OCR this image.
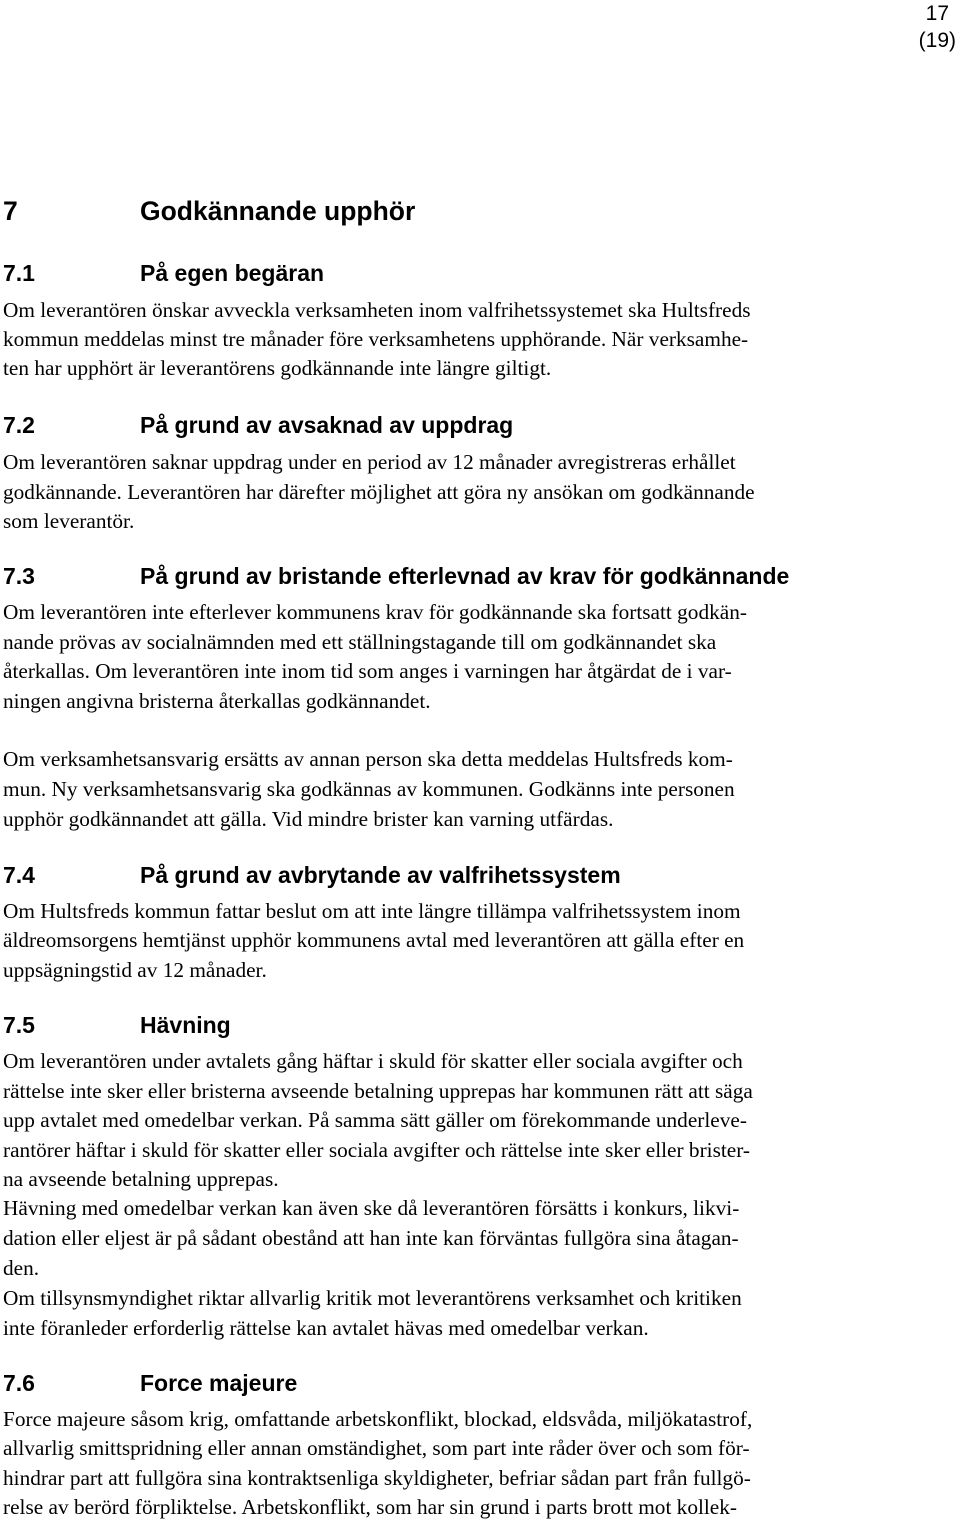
17
(19)
7	Godkännande upphör
7.1	På egen begäran
Om leverantören önskar avveckla verksamheten inom valfrihetssystemet ska Hultsfreds
kommun meddelas minst tre månader före verksamhetens upphörande. När verksamhe-
ten har upphört är leverantörens godkännande inte längre giltigt.
7.2	På grund av avsaknad av uppdrag
Om leverantören saknar uppdrag under en period av 12 månader avregistreras erhållet
godkännande. Leverantören har därefter möjlighet att göra ny ansökan om godkännande
som leverantör.
7.3	På grund av bristande efterlevnad av krav för godkännande
Om leverantören inte efterlever kommunens krav för godkännande ska fortsatt godkän-
nande prövas av socialnämnden med ett ställningstagande till om godkännandet ska
återkallas. Om leverantören inte inom tid som anges i varningen har åtgärdat de i var-
ningen angivna bristerna återkallas godkännandet.
Om verksamhetsansvarig ersätts av annan person ska detta meddelas Hultsfreds kom-
mun. Ny verksamhetsansvarig ska godkännas av kommunen. Godkänns inte personen
upphör godkännandet att gälla. Vid mindre brister kan varning utfärdas.
7.4	På grund av avbrytande av valfrihetssystem
Om Hultsfreds kommun fattar beslut om att inte längre tillämpa valfrihetssystem inom
äldreomsorgens hemtjänst upphör kommunens avtal med leverantören att gälla efter en
uppsägningstid av 12 månader.
7.5	Hävning
Om leverantören under avtalets gång häftar i skuld för skatter eller sociala avgifter och
rättelse inte sker eller bristerna avseende betalning upprepas har kommunen rätt att säga
upp avtalet med omedelbar verkan. På samma sätt gäller om förekommande underleve-
rantörer häftar i skuld för skatter eller sociala avgifter och rättelse inte sker eller brister-
na avseende betalning upprepas.
Hävning med omedelbar verkan kan även ske då leverantören försätts i konkurs, likvi-
dation eller eljest är på sådant obestånd att han inte kan förväntas fullgöra sina åtagan-
den.
Om tillsynsmyndighet riktar allvarlig kritik mot leverantörens verksamhet och kritiken
inte föranleder erforderlig rättelse kan avtalet hävas med omedelbar verkan.
7.6	Force majeure
Force majeure såsom krig, omfattande arbetskonflikt, blockad, eldsvåda, miljökatastrof,
allvarlig smittspridning eller annan omständighet, som part inte råder över och som för-
hindrar part att fullgöra sina kontraktsenliga skyldigheter, befriar sådan part från fullgö-
relse av berörd förpliktelse. Arbetskonflikt, som har sin grund i parts brott mot kollek-
